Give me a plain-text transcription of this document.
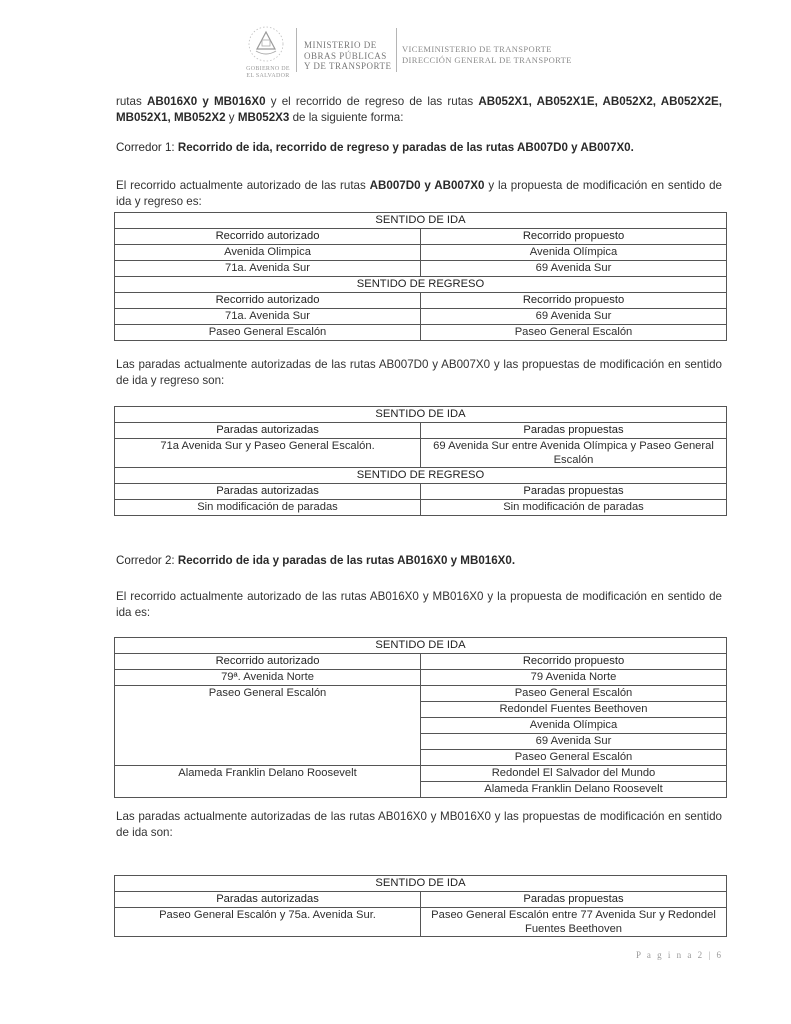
GOBIERNO DE
EL SALVADOR
MINISTERIO DE
OBRAS PÚBLICAS
Y DE TRANSPORTE
VICEMINISTERIO DE TRANSPORTE
DIRECCIÓN GENERAL DE TRANSPORTE
rutas AB016X0 y MB016X0 y el recorrido de regreso de las rutas AB052X1, AB052X1E, AB052X2, AB052X2E, MB052X1, MB052X2 y MB052X3 de la siguiente forma:
Corredor 1: Recorrido de ida, recorrido de regreso y paradas de las rutas AB007D0 y AB007X0.
El recorrido actualmente autorizado de las rutas AB007D0 y AB007X0 y la propuesta de modificación en sentido de ida y regreso es:
SENTIDO DE IDA	
Recorrido autorizado	Recorrido propuesto
Avenida Olimpica	Avenida Olímpica
71a. Avenida Sur	69 Avenida Sur
SENTIDO DE REGRESO	
Recorrido autorizado	Recorrido propuesto
71a. Avenida Sur	69 Avenida Sur
Paseo General Escalón	Paseo General Escalón
Las paradas actualmente autorizadas de las rutas AB007D0 y AB007X0 y las propuestas de modificación en sentido de ida y regreso son:
SENTIDO DE IDA	
Paradas autorizadas	Paradas propuestas
71a Avenida Sur y Paseo General Escalón.	69 Avenida Sur entre Avenida Olímpica y Paseo General
Escalón

SENTIDO DE REGRESO	
Paradas autorizadas	Paradas propuestas
Sin modificación de paradas	Sin modificación de paradas
Corredor 2: Recorrido de ida y paradas de las rutas AB016X0 y MB016X0.
El recorrido actualmente autorizado de las rutas AB016X0 y MB016X0 y la propuesta de modificación en sentido de ida es:
SENTIDO DE IDA	
Recorrido autorizado	Recorrido propuesto
79ª. Avenida Norte	79 Avenida Norte
Paseo General Escalón	Paseo General Escalón
	Redondel Fuentes Beethoven
	Avenida Olímpica
	69 Avenida Sur
	Paseo General Escalón
Alameda Franklin Delano Roosevelt	Redondel El Salvador del Mundo
	Alameda Franklin Delano Roosevelt
Las paradas actualmente autorizadas de las rutas AB016X0 y MB016X0 y las propuestas de modificación en sentido de ida son:
SENTIDO DE IDA	
Paradas autorizadas	Paradas propuestas
Paseo General Escalón y 75a. Avenida Sur.	Paseo General Escalón entre 77 Avenida Sur y Redondel
Fuentes Beethoven
P a g i n a 2 | 6
